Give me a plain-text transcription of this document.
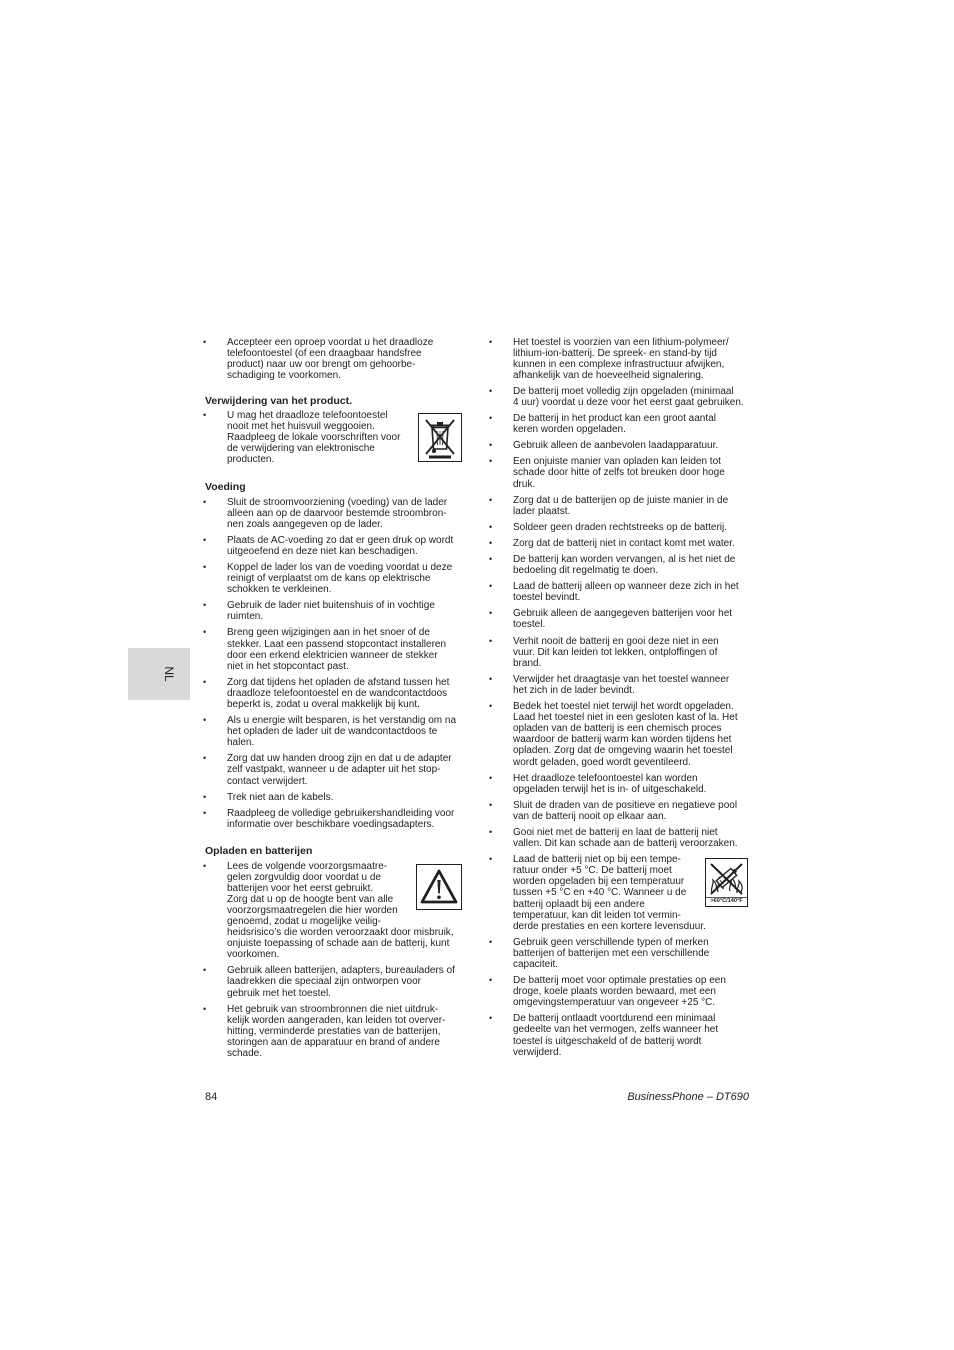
NL
• Accepteer een oproep voordat u het draadloze
telefoontoestel (of een draagbaar handsfree
product) naar uw oor brengt om gehoorbe-
schadiging te voorkomen.
Verwijdering van het product.
• U mag het draadloze telefoontoestel
nooit met het huisvuil weggooien.
Raadpleeg de lokale voorschriften voor
de verwijdering van elektronische
producten.
Voeding
• Sluit de stroomvoorziening (voeding) van de lader
alleen aan op de daarvoor bestemde stroombron-
nen zoals aangegeven op de lader.
• Plaats de AC-voeding zo dat er geen druk op wordt
uitgeoefend en deze niet kan beschadigen.
• Koppel de lader los van de voeding voordat u deze
reinigt of verplaatst om de kans op elektrische
schokken te verkleinen.
• Gebruik de lader niet buitenshuis of in vochtige
ruimten.
• Breng geen wijzigingen aan in het snoer of de
stekker. Laat een passend stopcontact installeren
door een erkend elektricien wanneer de stekker
niet in het stopcontact past.
• Zorg dat tijdens het opladen de afstand tussen het
draadloze telefoontoestel en de wandcontactdoos
beperkt is, zodat u overal makkelijk bij kunt.
• Als u energie wilt besparen, is het verstandig om na
het opladen de lader uit de wandcontactdoos te
halen.
• Zorg dat uw handen droog zijn en dat u de adapter
zelf vastpakt, wanneer u de adapter uit het stop-
contact verwijdert.
• Trek niet aan de kabels.
• Raadpleeg de volledige gebruikershandleiding voor
informatie over beschikbare voedingsadapters.
Opladen en batterijen
• Lees de volgende voorzorgsmaatre-
gelen zorgvuldig door voordat u de
batterijen voor het eerst gebruikt.
Zorg dat u op de hoogte bent van alle
voorzorgsmaatregelen die hier worden
genoemd, zodat u mogelijke veilig-
heidsrisico’s die worden veroorzaakt door misbruik,
onjuiste toepassing of schade aan de batterij, kunt
voorkomen.
• Gebruik alleen batterijen, adapters, bureauladers of
laadrekken die speciaal zijn ontworpen voor
gebruik met het toestel.
• Het gebruik van stroombronnen die niet uitdruk-
kelijk worden aangeraden, kan leiden tot overver-
hitting, verminderde prestaties van de batterijen,
storingen aan de apparatuur en brand of andere
schade.
• Het toestel is voorzien van een lithium-polymeer/
lithium-ion-batterij. De spreek- en stand-by tijd
kunnen in een complexe infrastructuur afwijken,
afhankelijk van de hoeveelheid signalering.
• De batterij moet volledig zijn opgeladen (minimaal
4 uur) voordat u deze voor het eerst gaat gebruiken.
• De batterij in het product kan een groot aantal
keren worden opgeladen.
• Gebruik alleen de aanbevolen laadapparatuur.
• Een onjuiste manier van opladen kan leiden tot
schade door hitte of zelfs tot breuken door hoge
druk.
• Zorg dat u de batterijen op de juiste manier in de
lader plaatst.
• Soldeer geen draden rechtstreeks op de batterij.
• Zorg dat de batterij niet in contact komt met water.
• De batterij kan worden vervangen, al is het niet de
bedoeling dit regelmatig te doen.
• Laad de batterij alleen op wanneer deze zich in het
toestel bevindt.
• Gebruik alleen de aangegeven batterijen voor het
toestel.
• Verhit nooit de batterij en gooi deze niet in een
vuur. Dit kan leiden tot lekken, ontploffingen of
brand.
• Verwijder het draagtasje van het toestel wanneer
het zich in de lader bevindt.
• Bedek het toestel niet terwijl het wordt opgeladen.
Laad het toestel niet in een gesloten kast of la. Het
opladen van de batterij is een chemisch proces
waardoor de batterij warm kan worden tijdens het
opladen. Zorg dat de omgeving waarin het toestel
wordt geladen, goed wordt geventileerd.
• Het draadloze telefoontoestel kan worden
opgeladen terwijl het is in- of uitgeschakeld.
• Sluit de draden van de positieve en negatieve pool
van de batterij nooit op elkaar aan.
• Gooi niet met de batterij en laat de batterij niet
vallen. Dit kan schade aan de batterij veroorzaken.
• Laad de batterij niet op bij een tempe-
ratuur onder +5 °C. De batterij moet
worden opgeladen bij een temperatuur
tussen +5 °C en +40 °C. Wanneer u de
batterij oplaadt bij een andere
temperatuur, kan dit leiden tot vermin-
derde prestaties en een kortere levensduur.
• Gebruik geen verschillende typen of merken
batterijen of batterijen met een verschillende
capaciteit.
• De batterij moet voor optimale prestaties op een
droge, koele plaats worden bewaard, met een
omgevingstemperatuur van ongeveer +25 °C.
• De batterij ontlaadt voortdurend een minimaal
gedeelte van het vermogen, zelfs wanneer het
toestel is uitgeschakeld of de batterij wordt
verwijderd.
>60°C/140°F
84	BusinessPhone – DT690
